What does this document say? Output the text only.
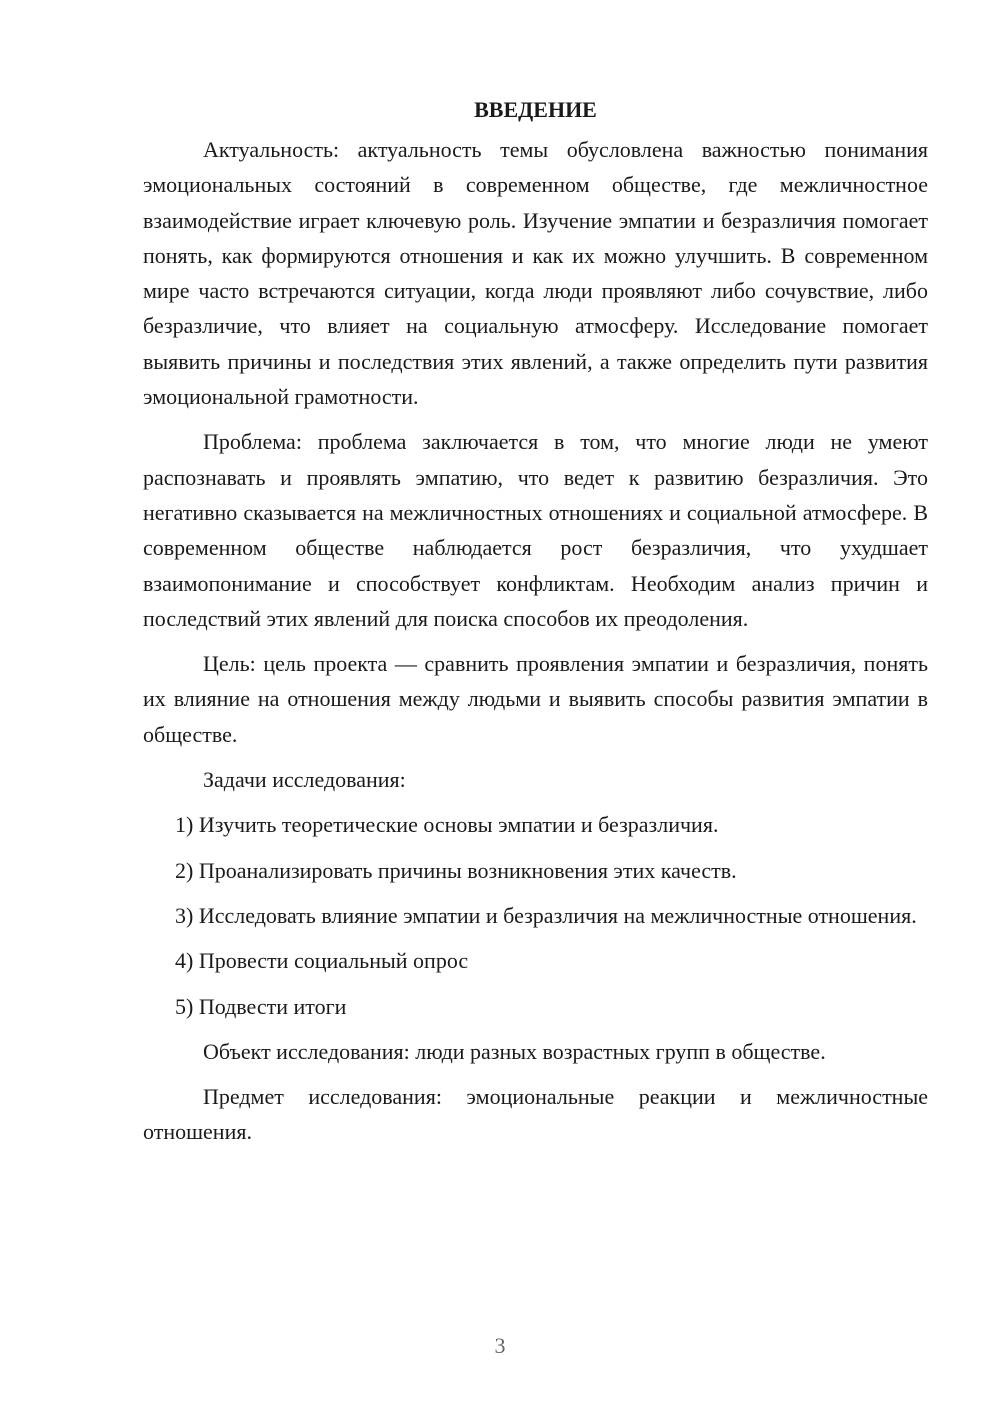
ВВЕДЕНИЕ

Актуальность: актуальность темы обусловлена важностью понимания эмоциональных состояний в современном обществе, где межличностное взаимодействие играет ключевую роль. Изучение эмпатии и безразличия помогает понять, как формируются отношения и как их можно улучшить. В современном мире часто встречаются ситуации, когда люди проявляют либо сочувствие, либо безразличие, что влияет на социальную атмосферу. Исследование помогает выявить причины и последствия этих явлений, а также определить пути развития эмоциональной грамотности.

Проблема: проблема заключается в том, что многие люди не умеют распознавать и проявлять эмпатию, что ведет к развитию безразличия. Это негативно сказывается на межличностных отношениях и социальной атмосфере. В современном обществе наблюдается рост безразличия, что ухудшает взаимопонимание и способствует конфликтам. Необходим анализ причин и последствий этих явлений для поиска способов их преодоления.

Цель: цель проекта — сравнить проявления эмпатии и безразличия, понять их влияние на отношения между людьми и выявить способы развития эмпатии в обществе.

Задачи исследования:

1) Изучить теоретические основы эмпатии и безразличия.

2) Проанализировать причины возникновения этих качеств.

3) Исследовать влияние эмпатии и безразличия на межличностные отношения.

4) Провести социальный опрос

5) Подвести итоги

Объект исследования: люди разных возрастных групп в обществе.

Предмет исследования: эмоциональные реакции и межличностные отношения.

3
